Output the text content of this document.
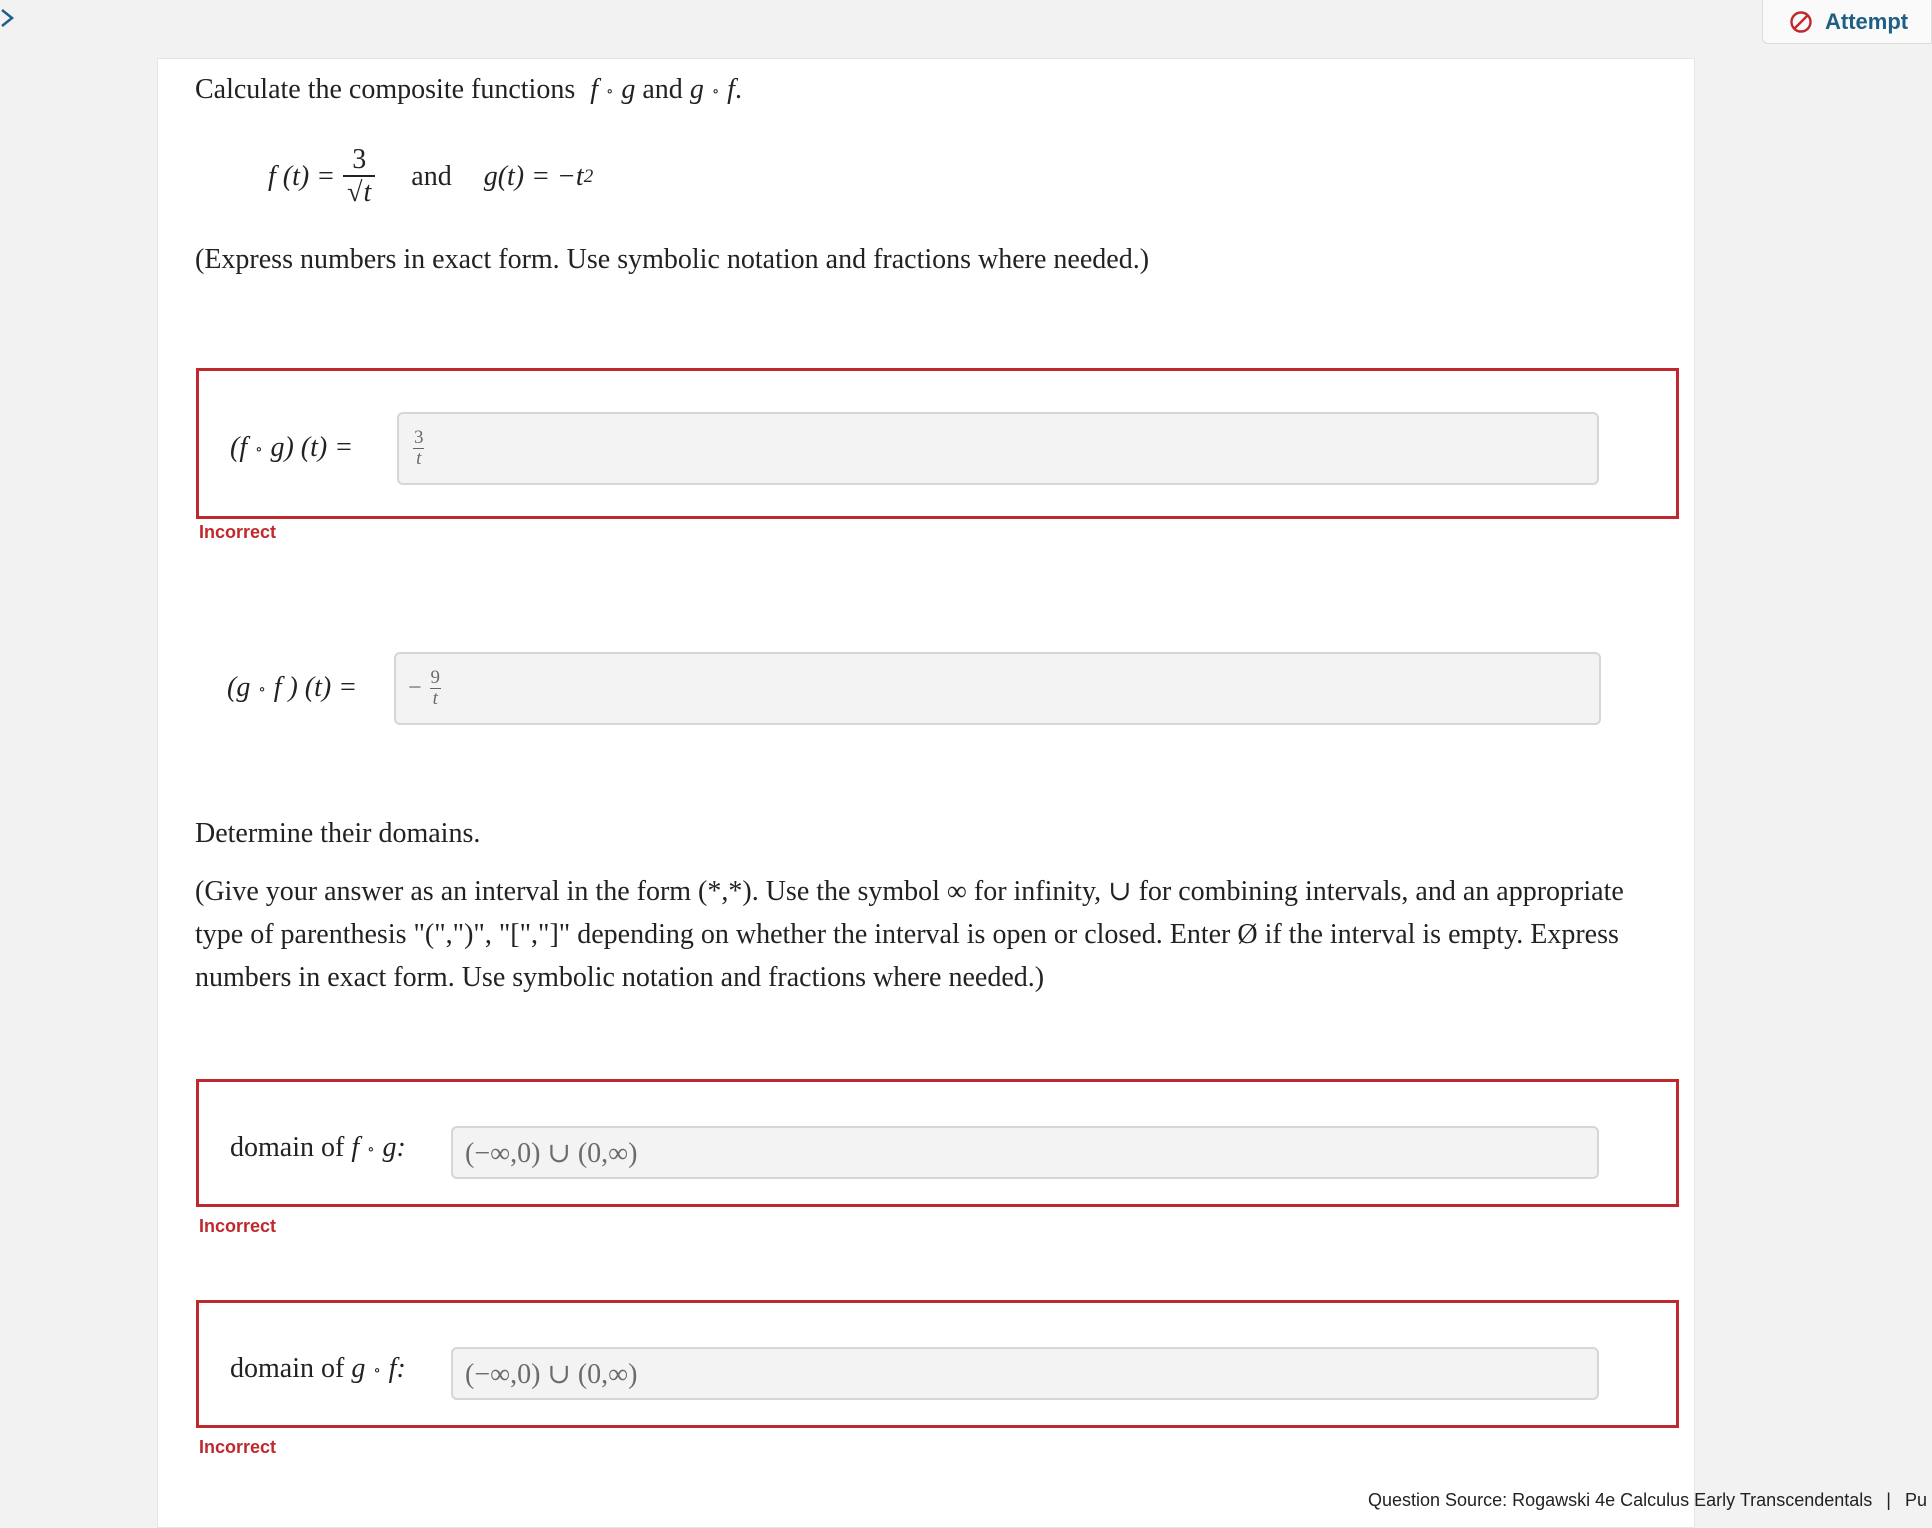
Attempt
Calculate the composite functions f ∘ g and g ∘ f.
f $(t) = \frac{3}{√t}$ and g(t) = −t 2
(Express numbers in exact form. Use symbolic notation and fractions where needed.)
(f ∘ g) (t) =	$\frac{3}{t}$
Incorrect
(g ∘ f ) (t) = − $\frac{9}{t}$
Determine their domains.
(Give your answer as an interval in the form (*,*). Use the symbol ∞ for infinity, ∪ for combining intervals, and an appropriate type of parenthesis "(",")", "[","]" depending on whether the interval is open or closed. Enter Ø if the interval is empty. Express numbers in exact form. Use symbolic notation and fractions where needed.)
domain of f ∘ g: (−∞,0) ∪ (0,∞)
Incorrect
domain of g ∘ f: (−∞,0) ∪ (0,∞)
Incorrect
Question Source: Rogawski 4e Calculus Early Transcendentals | Pu
